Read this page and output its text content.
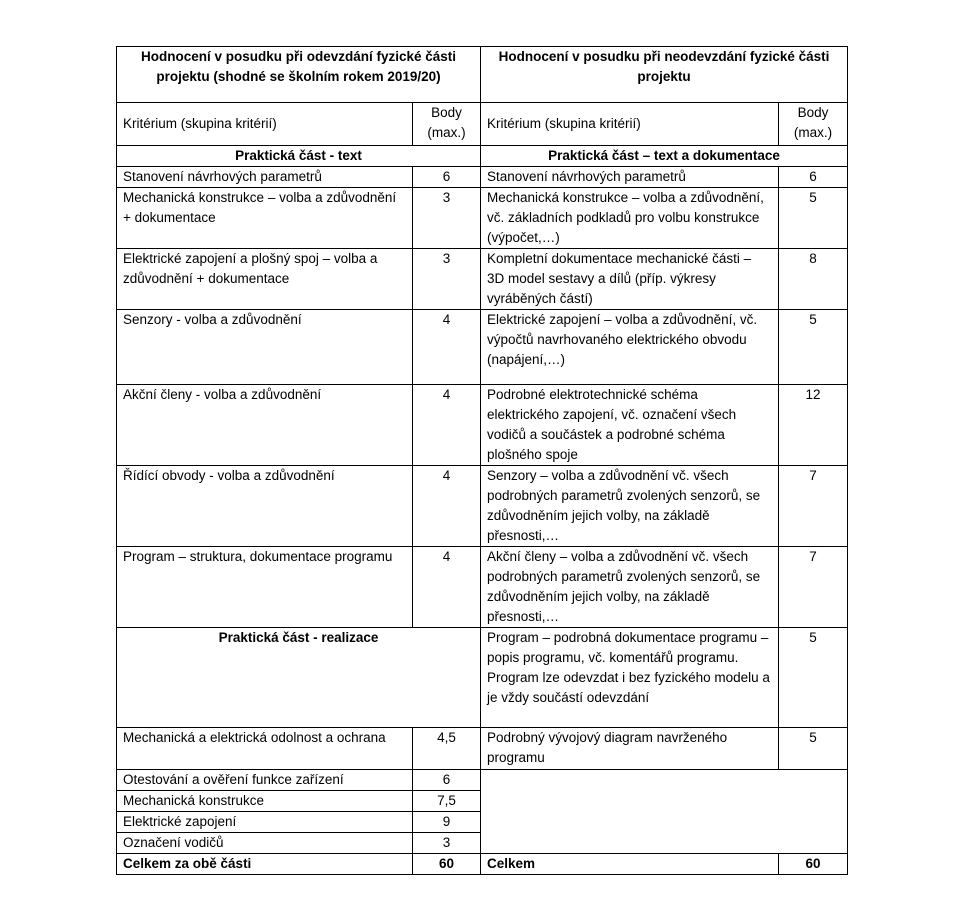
Hodnocení v posudku při odevzdání fyzické části projektu (shodné se školním rokem 2019/20)		Hodnocení v posudku při neodevzdání fyzické části projektu	
Kritérium (skupina kritérií)	Body (max.)	Kritérium (skupina kritérií)	Body (max.)
Praktická část - text		Praktická část – text a dokumentace	
Stanovení návrhových parametrů	6	Stanovení návrhových parametrů	6
Mechanická konstrukce – volba a zdůvodnění + dokumentace	3	Mechanická konstrukce – volba a zdůvodnění, vč. základních podkladů pro volbu konstrukce (výpočet,…)	5
Elektrické zapojení a plošný spoj – volba a zdůvodnění + dokumentace	3	Kompletní dokumentace mechanické části – 3D model sestavy a dílů (příp. výkresy vyráběných částí)	8
Senzory - volba a zdůvodnění	4	Elektrické zapojení – volba a zdůvodnění, vč. výpočtů navrhovaného elektrického obvodu (napájení,…)	5
Akční členy - volba a zdůvodnění	4	Podrobné elektrotechnické schéma elektrického zapojení, vč. označení všech vodičů a součástek a podrobné schéma plošného spoje	12
Řídící obvody - volba a zdůvodnění	4	Senzory – volba a zdůvodnění vč. všech podrobných parametrů zvolených senzorů, se zdůvodněním jejich volby, na základě přesnosti,…	7
Program – struktura, dokumentace programu	4	Akční členy – volba a zdůvodnění vč. všech podrobných parametrů zvolených senzorů, se zdůvodněním jejich volby, na základě přesnosti,…	7
Praktická část - realizace		Program – podrobná dokumentace programu – popis programu, vč. komentářů programu. Program lze odevzdat i bez fyzického modelu a je vždy součástí odevzdání	5
Mechanická a elektrická odolnost a ochrana	4,5	Podrobný vývojový diagram navrženého programu	5
Otestování a ověření funkce zařízení	6		
Mechanická konstrukce	7,5		
Elektrické zapojení	9		
Označení vodičů	3		
Celkem za obě části	60	Celkem	60
